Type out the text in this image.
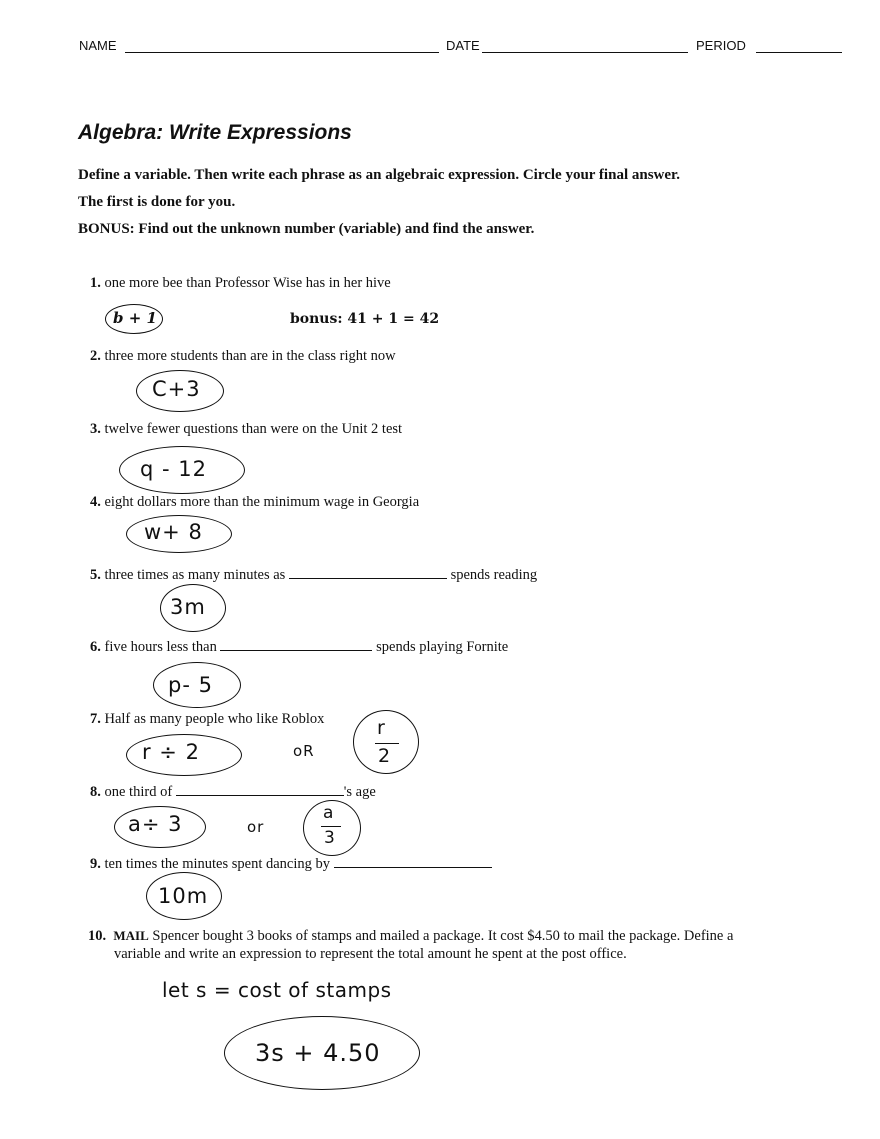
NAME	DATE	PERIOD
Algebra: Write Expressions
Define a variable. Then write each phrase as an algebraic expression. Circle your final answer.
The first is done for you.
BONUS: Find out the unknown number (variable) and find the answer.
1. one more bee than Professor Wise has in her hive
b + 1	bonus: 41 + 1 = 42
2. three more students than are in the class right now
C+3
3. twelve fewer questions than were on the Unit 2 test
q - 12
4. eight dollars more than the minimum wage in Georgia
w+ 8
5. three times as many minutes as	spends reading
3m
6. five hours less than	spends playing Fornite
p- 5
7. Half as many people who like Roblox
r ÷ 2	oR
r
2
8. one third of	's age
a÷ 3	or
a
3
9. ten times the minutes spent dancing by
10m
10. MAIL Spencer bought 3 books of stamps and mailed a package. It cost $4.50 to mail the package. Define a
variable and write an expression to represent the total amount he spent at the post office.
let s = cost of stamps
3s + 4.50
